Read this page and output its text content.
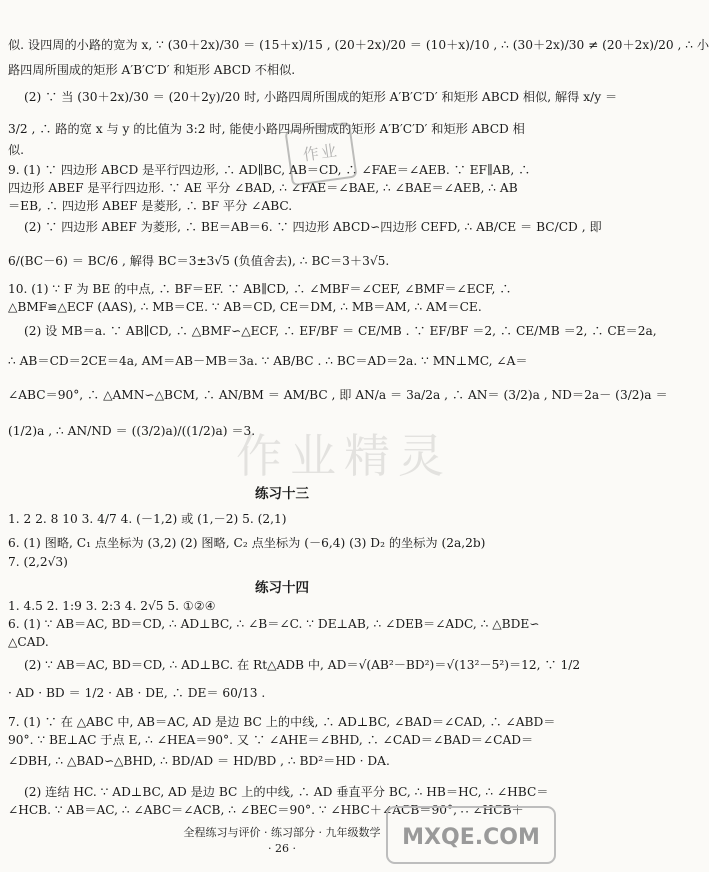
似. 设四周的小路的宽为 x, ∵ (30＋2x)/30 ＝ (15＋x)/15 , (20＋2x)/20 ＝ (10＋x)/10 , ∴ (30＋2x)/30 ≠ (20＋2x)/20 , ∴ 小
路四周所围成的矩形 A′B′C′D′ 和矩形 ABCD 不相似.
(2) ∵ 当 (30＋2x)/30 ＝ (20＋2y)/20 时, 小路四周所围成的矩形 A′B′C′D′ 和矩形 ABCD 相似, 解得 x/y ＝
3/2 , ∴ 路的宽 x 与 y 的比值为 3:2 时, 能使小路四周所围成的矩形 A′B′C′D′ 和矩形 ABCD 相
似.
9. (1) ∵ 四边形 ABCD 是平行四边形, ∴ AD∥BC, AB＝CD, ∴ ∠FAE＝∠AEB. ∵ EF∥AB, ∴
四边形 ABEF 是平行四边形. ∵ AE 平分 ∠BAD, ∴ ∠FAE＝∠BAE, ∴ ∠BAE＝∠AEB, ∴ AB
＝EB, ∴ 四边形 ABEF 是菱形, ∴ BF 平分 ∠ABC.
(2) ∵ 四边形 ABEF 为菱形, ∴ BE＝AB＝6. ∵ 四边形 ABCD∽四边形 CEFD, ∴ AB/CE ＝ BC/CD , 即
6/(BC－6) ＝ BC/6 , 解得 BC＝3±3√5 (负值舍去), ∴ BC＝3＋3√5.
10. (1) ∵ F 为 BE 的中点, ∴ BF＝EF. ∵ AB∥CD, ∴ ∠MBF＝∠CEF, ∠BMF＝∠ECF, ∴
△BMF≌△ECF (AAS), ∴ MB＝CE. ∵ AB＝CD, CE＝DM, ∴ MB＝AM, ∴ AM＝CE.
(2) 设 MB＝a. ∵ AB∥CD, ∴ △BMF∽△ECF, ∴ EF/BF ＝ CE/MB . ∵ EF/BF ＝2, ∴ CE/MB ＝2, ∴ CE＝2a,
∴ AB＝CD＝2CE＝4a, AM＝AB－MB＝3a. ∵ AB/BC . ∴ BC＝AD＝2a. ∵ MN⊥MC, ∠A＝
∠ABC＝90°, ∴ △AMN∽△BCM, ∴ AN/BM ＝ AM/BC , 即 AN/a ＝ 3a/2a , ∴ AN＝ (3/2)a , ND＝2a－ (3/2)a ＝
(1/2)a , ∴ AN/ND ＝ ((3/2)a)/((1/2)a) ＝3.
练习十三
1. 2 2. 8 10 3. 4/7 4. (－1,2) 或 (1,－2) 5. (2,1)
6. (1) 图略, C₁ 点坐标为 (3,2) (2) 图略, C₂ 点坐标为 (－6,4) (3) D₂ 的坐标为 (2a,2b)
7. (2,2√3)
练习十四
1. 4.5 2. 1:9 3. 2:3 4. 2√5 5. ①②④
6. (1) ∵ AB＝AC, BD＝CD, ∴ AD⊥BC, ∴ ∠B＝∠C. ∵ DE⊥AB, ∴ ∠DEB＝∠ADC, ∴ △BDE∽
△CAD.
(2) ∵ AB＝AC, BD＝CD, ∴ AD⊥BC. 在 Rt△ADB 中, AD＝√(AB²－BD²)＝√(13²－5²)＝12, ∵ 1/2
· AD · BD ＝ 1/2 · AB · DE, ∴ DE＝ 60/13 .
7. (1) ∵ 在 △ABC 中, AB＝AC, AD 是边 BC 上的中线, ∴ AD⊥BC, ∠BAD＝∠CAD, ∴ ∠ABD＝
90°. ∵ BE⊥AC 于点 E, ∴ ∠HEA＝90°. 又 ∵ ∠AHE＝∠BHD, ∴ ∠CAD＝∠BAD＝∠CAD＝
∠DBH, ∴ △BAD∽△BHD, ∴ BD/AD ＝ HD/BD , ∴ BD²＝HD · DA.
(2) 连结 HC. ∵ AD⊥BC, AD 是边 BC 上的中线, ∴ AD 垂直平分 BC, ∴ HB＝HC, ∴ ∠HBC＝
∠HCB. ∵ AB＝AC, ∴ ∠ABC＝∠ACB, ∴ ∠BEC＝90°. ∵ ∠HBC＋∠ACB＝90°, ∴ ∠HCB＋
全程练习与评价 · 练习部分 · 九年级数学
· 26 ·
作业
作业精灵
MXQE.COM
